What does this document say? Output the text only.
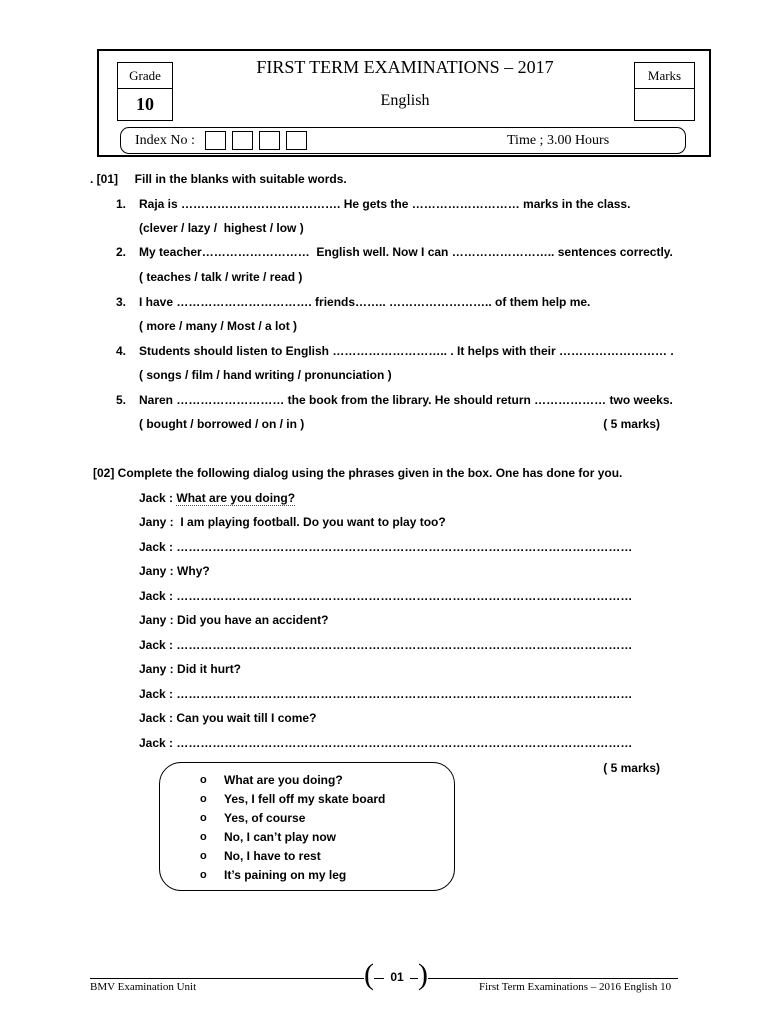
Grade
10
FIRST TERM EXAMINATIONS – 2017
English
Marks
Index No :	Time ; 3.00 Hours
. [01]     Fill in the blanks with suitable words.
1. Raja is …………………………………. He gets the ……………………… marks in the class.
(clever / lazy /  highest / low )
2. My teacher………………………  English well. Now I can …………………….. sentences correctly.
( teaches / talk / write / read )
3. I have ……………………………. friends…….. …………………….. of them help me.
( more / many / Most / a lot )
4. Students should listen to English ……………………….. . It helps with their ……………………… .
( songs / film / hand writing / pronunciation )
5. Naren ……………………… the book from the library. He should return ……………… two weeks.
( bought / borrowed / on / in )	( 5 marks)
[02] Complete the following dialog using the phrases given in the box. One has done for you.
Jack : What are you doing?
Jany :  I am playing football. Do you want to play too?
Jack : ……………………………………………………………………………………………………
Jany : Why?
Jack : ……………………………………………………………………………………………………
Jany : Did you have an accident?
Jack : ……………………………………………………………………………………………………
Jany : Did it hurt?
Jack : ……………………………………………………………………………………………………
Jack : Can you wait till I come?
Jack : ……………………………………………………………………………………………………
( 5 marks)
o What are you doing?
o Yes, I fell off my skate board
o Yes, of course
o No, I can’t play now
o No, I have to rest
o It’s paining on my leg
BMV Examination Unit	(	01 )	First Term Examinations – 2016 English 10
